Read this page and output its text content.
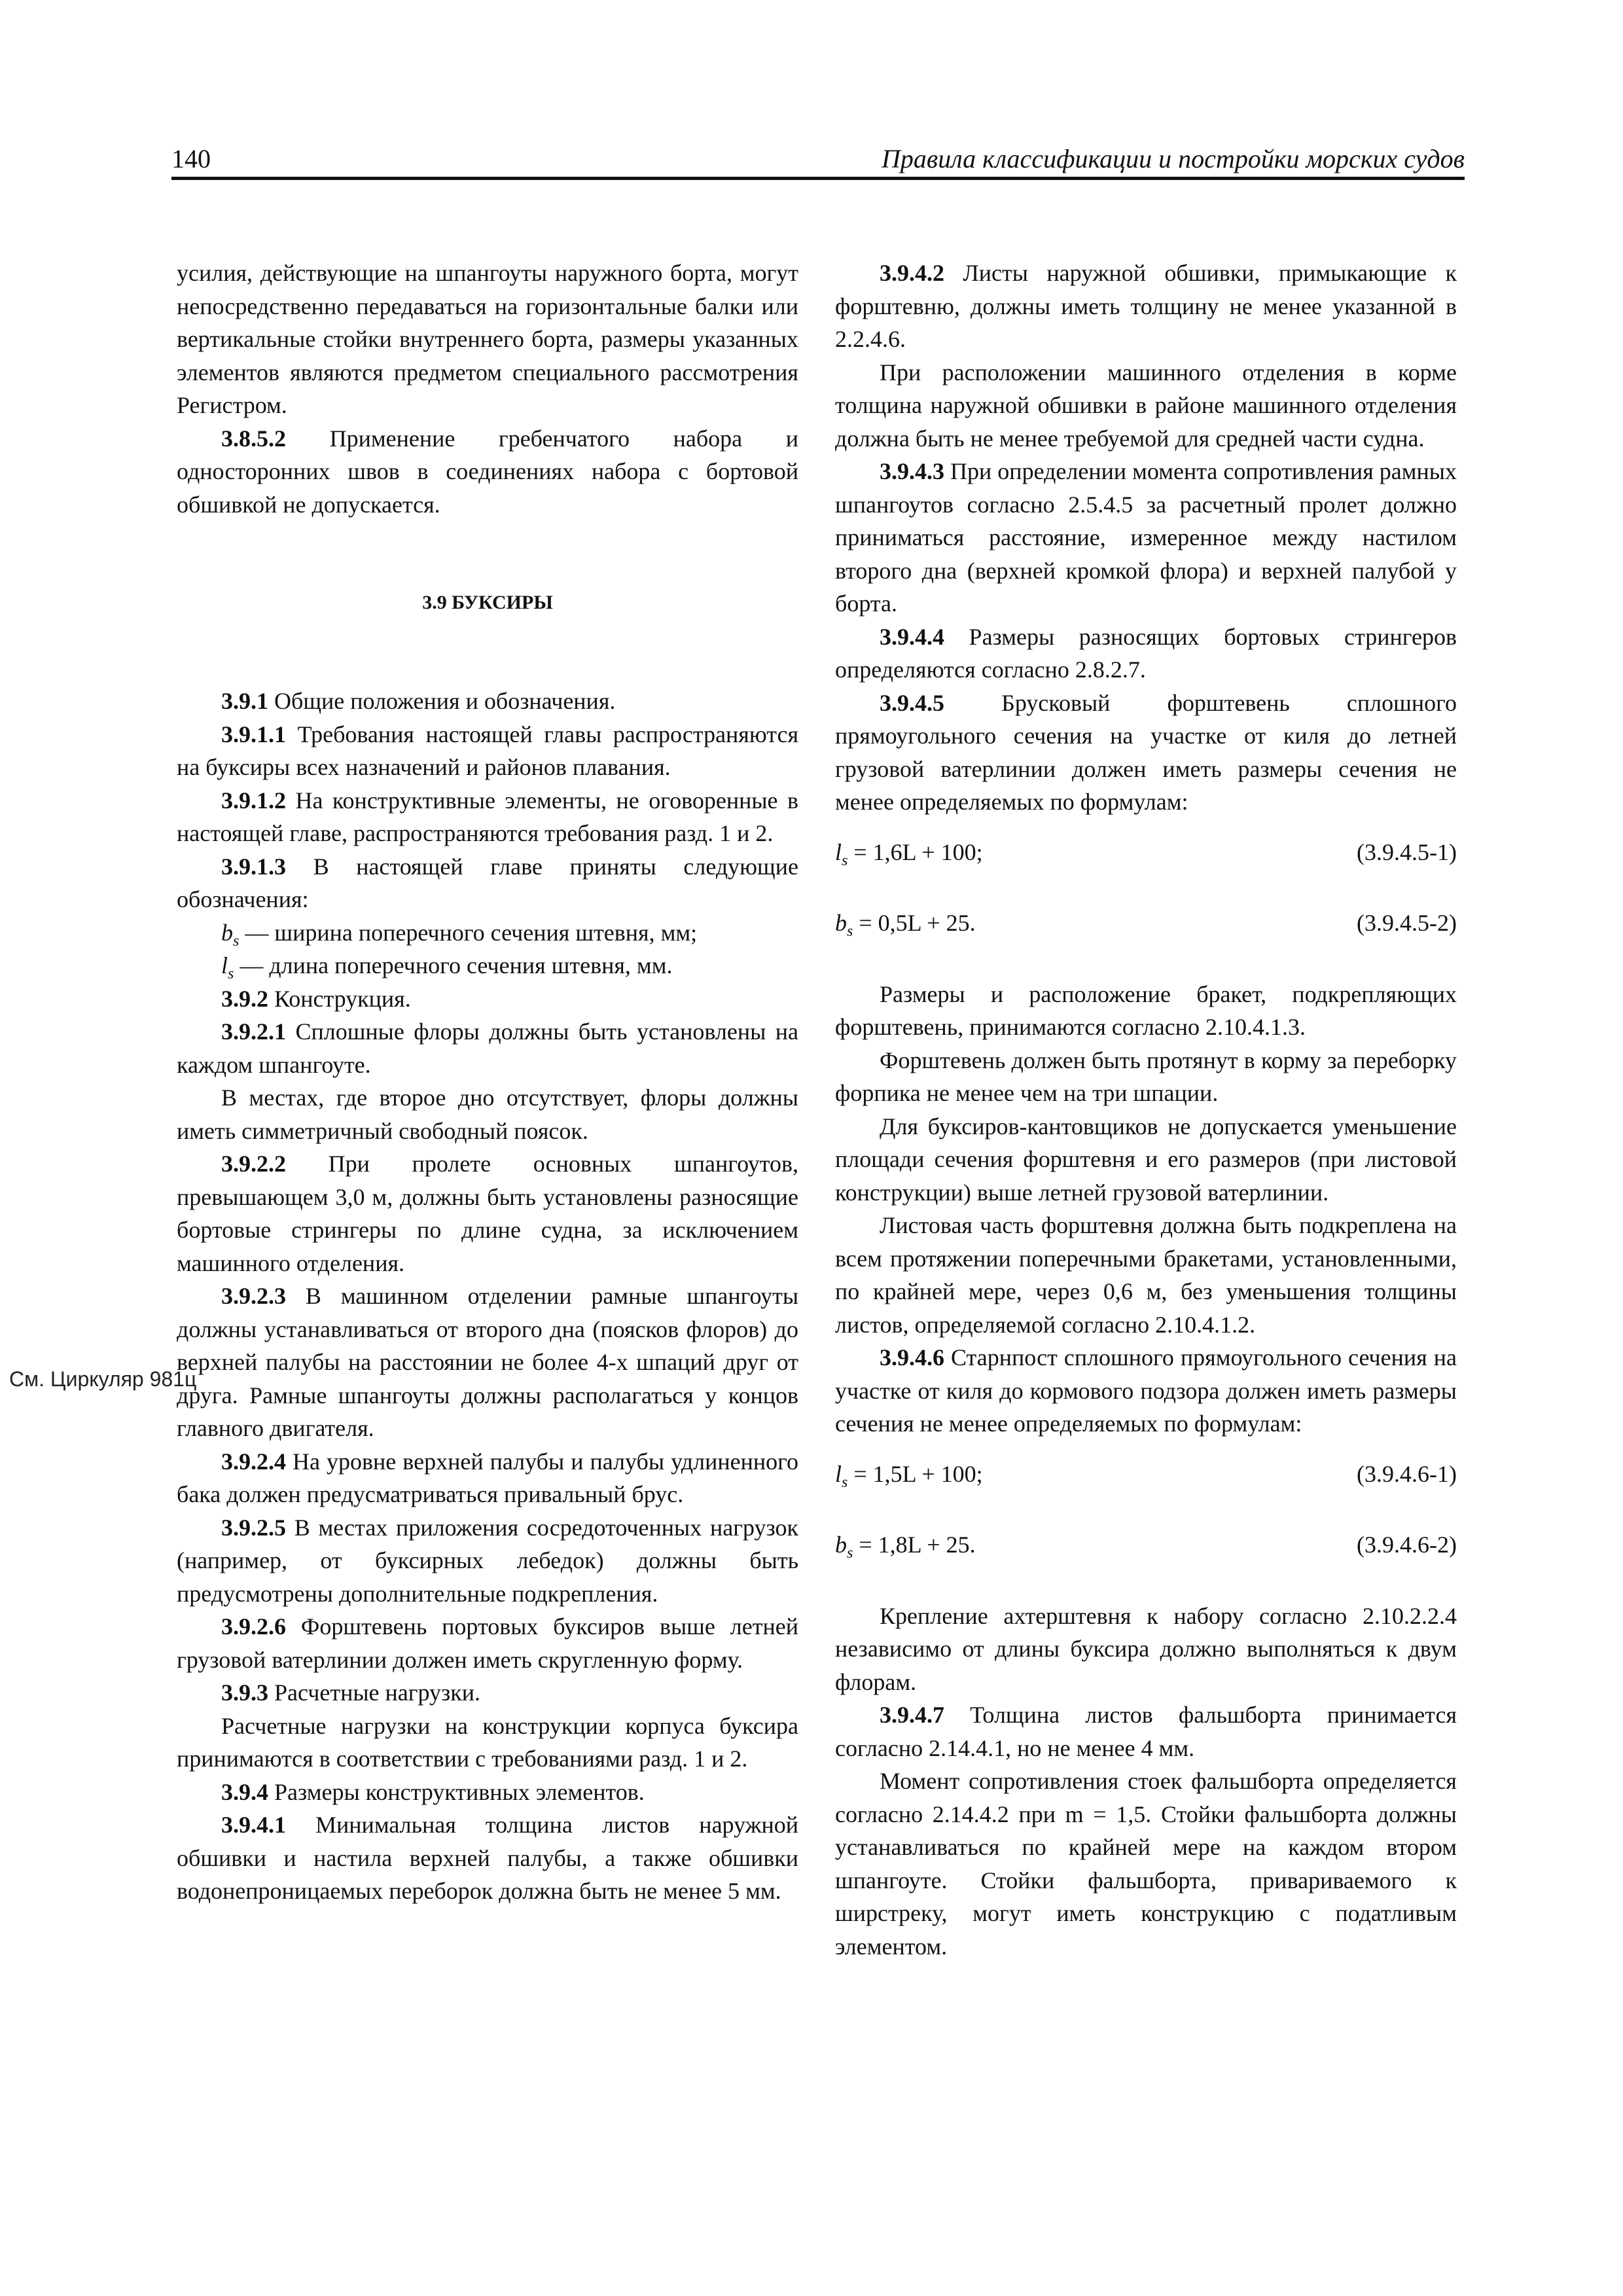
140	Правила классификации и постройки морских судов
См. Циркуляр 981ц

усилия, действующие на шпангоуты наружного борта, могут непосредственно передаваться на горизонтальные балки или вертикальные стойки внутреннего борта, размеры указанных элементов являются предметом специального рассмотрения Регистром.

3.8.5.2 Применение гребенчатого набора и односторонних швов в соединениях набора с бортовой обшивкой не допускается.

3.9 БУКСИРЫ

3.9.1 Общие положения и обозначения.

3.9.1.1 Требования настоящей главы распространяются на буксиры всех назначений и районов плавания.

3.9.1.2 На конструктивные элементы, не оговоренные в настоящей главе, распространяются требования разд. 1 и 2.

3.9.1.3 В настоящей главе приняты следующие обозначения:

$b_s$ — ширина поперечного сечения штевня, мм;

$l_s$ — длина поперечного сечения штевня, мм.

3.9.2 Конструкция.

3.9.2.1 Сплошные флоры должны быть установлены на каждом шпангоуте.

В местах, где второе дно отсутствует, флоры должны иметь симметричный свободный поясок.

3.9.2.2 При пролете основных шпангоутов, превышающем 3,0 м, должны быть установлены разносящие бортовые стрингеры по длине судна, за исключением машинного отделения.

3.9.2.3 В машинном отделении рамные шпангоуты должны устанавливаться от второго дна (поясков флоров) до верхней палубы на расстоянии не более 4-х шпаций друг от друга. Рамные шпангоуты должны располагаться у концов главного двигателя.

3.9.2.4 На уровне верхней палубы и палубы удлиненного бака должен предусматриваться привальный брус.

3.9.2.5 В местах приложения сосредоточенных нагрузок (например, от буксирных лебедок) должны быть предусмотрены дополнительные подкрепления.

3.9.2.6 Форштевень портовых буксиров выше летней грузовой ватерлинии должен иметь скругленную форму.

3.9.3 Расчетные нагрузки.

Расчетные нагрузки на конструкции корпуса буксира принимаются в соответствии с требованиями разд. 1 и 2.

3.9.4 Размеры конструктивных элементов.

3.9.4.1 Минимальная толщина листов наружной обшивки и настила верхней палубы, а также обшивки водонепроницаемых переборок должна быть не менее 5 мм.

3.9.4.2 Листы наружной обшивки, примыкающие к форштевню, должны иметь толщину не менее указанной в 2.2.4.6.

При расположении машинного отделения в корме толщина наружной обшивки в районе машинного отделения должна быть не менее требуемой для средней части судна.

3.9.4.3 При определении момента сопротивления рамных шпангоутов согласно 2.5.4.5 за расчетный пролет должно приниматься расстояние, измеренное между настилом второго дна (верхней кромкой флора) и верхней палубой у борта.

3.9.4.4 Размеры разносящих бортовых стрингеров определяются согласно 2.8.2.7.

3.9.4.5 Брусковый форштевень сплошного прямоугольного сечения на участке от киля до летней грузовой ватерлинии должен иметь размеры сечения не менее определяемых по формулам:

$l_s = 1,6L + 100$;	(3.9.4.5-1)
$b_s = 0,5L + 25$.	(3.9.4.5-2)

Размеры и расположение бракет, подкрепляющих форштевень, принимаются согласно 2.10.4.1.3.

Форштевень должен быть протянут в корму за переборку форпика не менее чем на три шпации.

Для буксиров-кантовщиков не допускается уменьшение площади сечения форштевня и его размеров (при листовой конструкции) выше летней грузовой ватерлинии.

Листовая часть форштевня должна быть подкреплена на всем протяжении поперечными бракетами, установленными, по крайней мере, через 0,6 м, без уменьшения толщины листов, определяемой согласно 2.10.4.1.2.

3.9.4.6 Старнпост сплошного прямоугольного сечения на участке от киля до кормового подзора должен иметь размеры сечения не менее определяемых по формулам:

$l_s = 1,5L + 100$;	(3.9.4.6-1)
$b_s = 1,8L + 25$.	(3.9.4.6-2)

Крепление ахтерштевня к набору согласно 2.10.2.2.4 независимо от длины буксира должно выполняться к двум флорам.

3.9.4.7 Толщина листов фальшборта принимается согласно 2.14.4.1, но не менее 4 мм.

Момент сопротивления стоек фальшборта определяется согласно 2.14.4.2 при m = 1,5. Стойки фальшборта должны устанавливаться по крайней мере на каждом втором шпангоуте. Стойки фальшборта, привариваемого к ширстреку, могут иметь конструкцию с податливым элементом.
